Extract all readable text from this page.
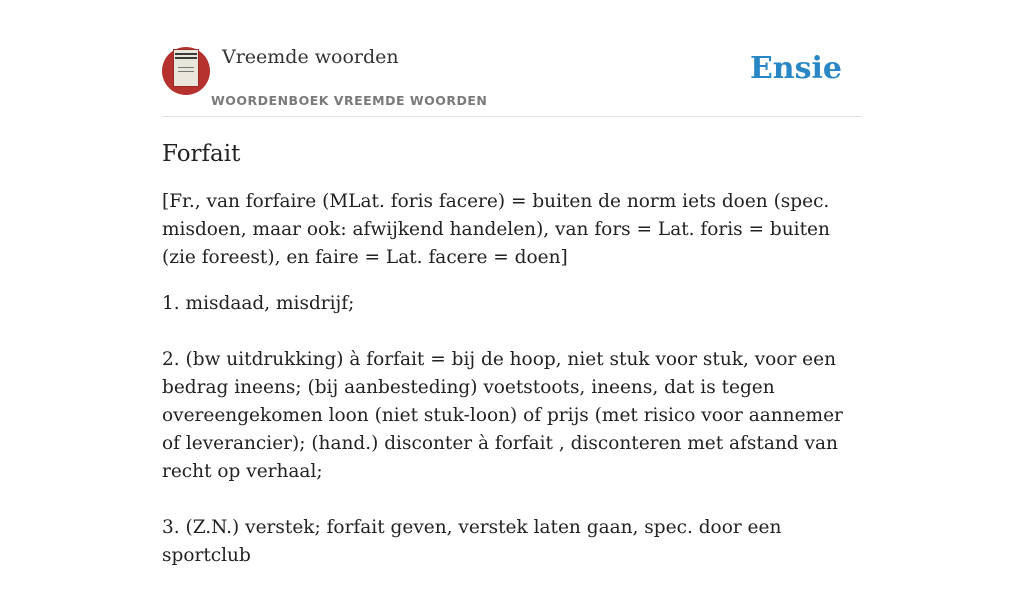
Vreemde woorden
WOORDENBOEK VREEMDE WOORDEN
Ensie
Forfait

[Fr., van forfaire (MLat. foris facere) = buiten de norm iets doen (spec. misdoen, maar ook: afwijkend handelen), van fors = Lat. foris = buiten (zie foreest), en faire = Lat. facere = doen]

1. misdaad, misdrijf;

2. (bw uitdrukking) à forfait = bij de hoop, niet stuk voor stuk, voor een bedrag ineens; (bij aanbesteding) voetstoots, ineens, dat is tegen overeengekomen loon (niet stuk-loon) of prijs (met risico voor aannemer of leverancier); (hand.) disconter à forfait , disconteren met afstand van recht op verhaal;

3. (Z.N.) verstek; forfait geven, verstek laten gaan, spec. door een sportclub
